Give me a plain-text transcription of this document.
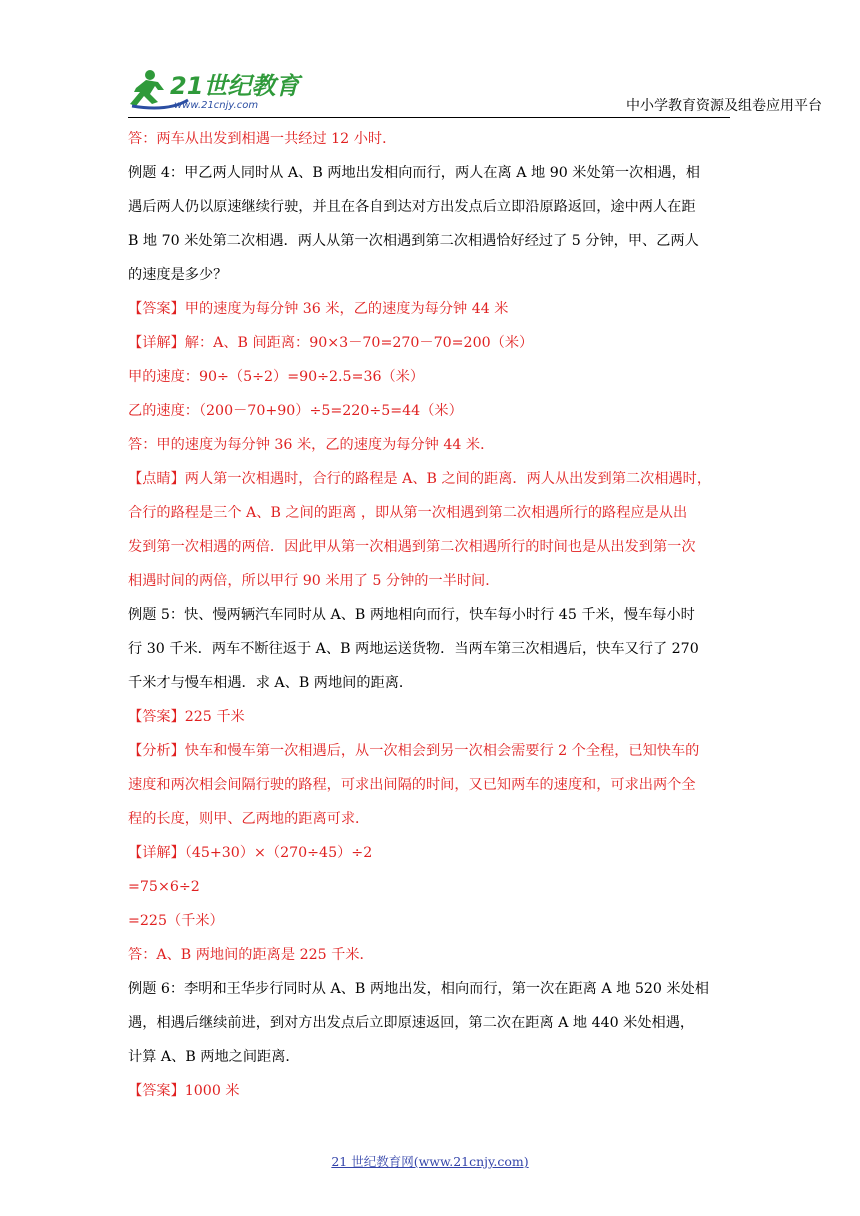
21世纪教育
www.21cnjy.com	中小学教育资源及组卷应用平台

答：两车从出发到相遇一共经过 12 小时．

例题 4：甲乙两人同时从 A、B 两地出发相向而行，两人在离 A 地 90 米处第一次相遇，相

遇后两人仍以原速继续行驶，并且在各自到达对方出发点后立即沿原路返回，途中两人在距

B 地 70 米处第二次相遇．两人从第一次相遇到第二次相遇恰好经过了 5 分钟，甲、乙两人

的速度是多少？

【答案】甲的速度为每分钟 36 米，乙的速度为每分钟 44 米

【详解】解：A、B 间距离：90×3－70=270－70=200（米）

甲的速度：90÷（5÷2）=90÷2.5=36（米）

乙的速度：（200－70+90）÷5=220÷5=44（米）

答：甲的速度为每分钟 36 米，乙的速度为每分钟 44 米．

【点睛】两人第一次相遇时，合行的路程是 A、B 之间的距离．两人从出发到第二次相遇时，

合行的路程是三个 A、B 之间的距离 ，即从第一次相遇到第二次相遇所行的路程应是从出

发到第一次相遇的两倍．因此甲从第一次相遇到第二次相遇所行的时间也是从出发到第一次

相遇时间的两倍，所以甲行 90 米用了 5 分钟的一半时间．

例题 5：快、慢两辆汽车同时从 A、B 两地相向而行，快车每小时行 45 千米，慢车每小时

行 30 千米．两车不断往返于 A、B 两地运送货物．当两车第三次相遇后，快车又行了 270

千米才与慢车相遇．求 A、B 两地间的距离．

【答案】225 千米

【分析】快车和慢车第一次相遇后，从一次相会到另一次相会需要行 2 个全程，已知快车的

速度和两次相会间隔行驶的路程，可求出间隔的时间，又已知两车的速度和，可求出两个全

程的长度，则甲、乙两地的距离可求．

【详解】（45+30）×（270÷45）÷2

=75×6÷2

=225（千米）

答：A、B 两地间的距离是 225 千米．

例题 6：李明和王华步行同时从 A、B 两地出发，相向而行，第一次在距离 A 地 520 米处相

遇，相遇后继续前进，到对方出发点后立即原速返回，第二次在距离 A 地 440 米处相遇，

计算 A、B 两地之间距离．

【答案】1000 米

21 世纪教育网(www.21cnjy.com)
